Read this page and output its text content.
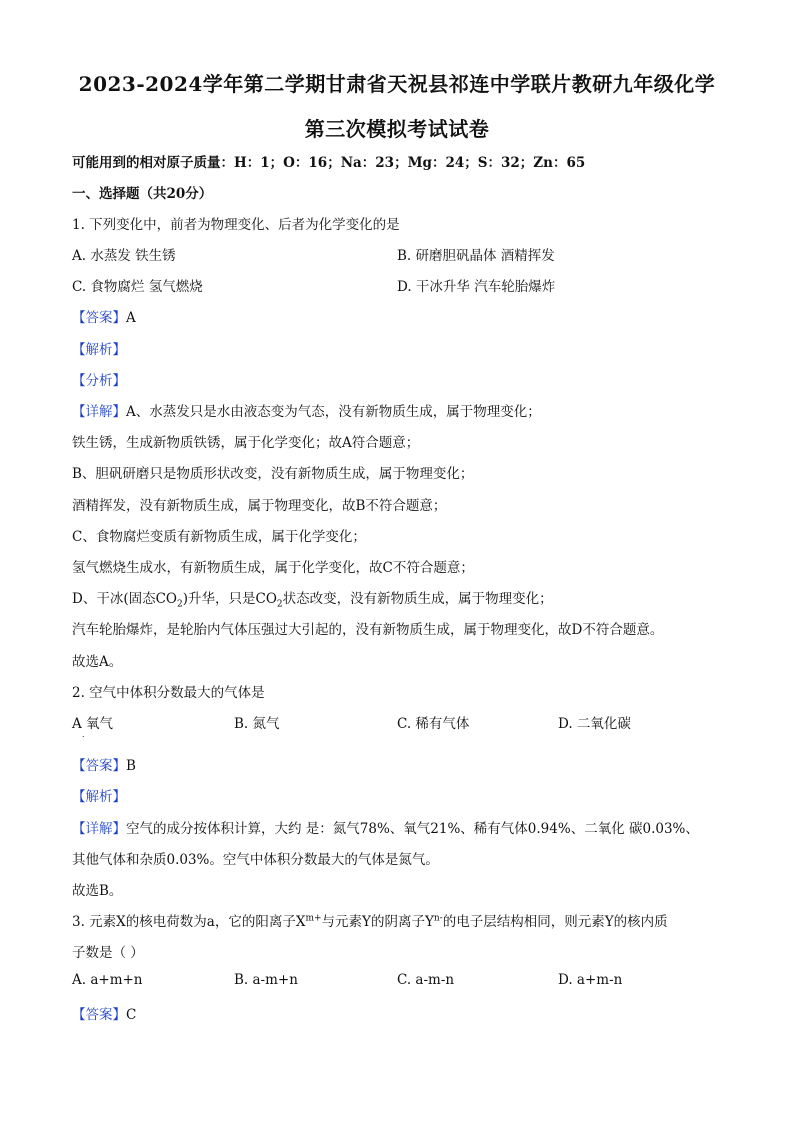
2023-2024学年第二学期甘肃省天祝县祁连中学联片教研九年级化学
第三次模拟考试试卷
可能用到的相对原子质量：H：1；O：16；Na：23；Mg：24；S：32；Zn：65
一、选择题（共20分）
1. 下列变化中，前者为物理变化、后者为化学变化的是
A. 水蒸发 铁生锈	B. 研磨胆矾晶体 酒精挥发
C. 食物腐烂 氢气燃烧	D. 干冰升华 汽车轮胎爆炸
【答案】A
【解析】
【分析】
【详解】A、水蒸发只是水由液态变为气态，没有新物质生成，属于物理变化；
铁生锈，生成新物质铁锈，属于化学变化；故A符合题意；
B、胆矾研磨只是物质形状改变，没有新物质生成，属于物理变化；
酒精挥发，没有新物质生成，属于物理变化，故B不符合题意；
C、食物腐烂变质有新物质生成，属于化学变化；
氢气燃烧生成水，有新物质生成，属于化学变化，故C不符合题意；
D、干冰(固态$CO_2$)升华，只是$CO_2$状态改变，没有新物质生成，属于物理变化；
汽车轮胎爆炸，是轮胎内气体压强过大引起的，没有新物质生成，属于物理变化，故D不符合题意。
故选A。
2. 空气中体积分数最大的气体是
A 氧气	B. 氮气	C. 稀有气体	D. 二氧化碳
.
【答案】B
【解析】
【详解】空气的成分按体积计算，大约 是：氮气78%、氧气21%、稀有气体0.94%、二氧化 碳0.03%、
其他气体和杂质0.03%。空气中体积分数最大的气体是氮气。
故选B。
3. 元素X的核电荷数为a，它的阳离子$X^{m+}$与元素Y的阴离子$Y^{n-}$的电子层结构相同，则元素Y的核内质
子数是（ ）
A. a+m+n	B. a-m+n	C. a-m-n	D. a+m-n
【答案】C
